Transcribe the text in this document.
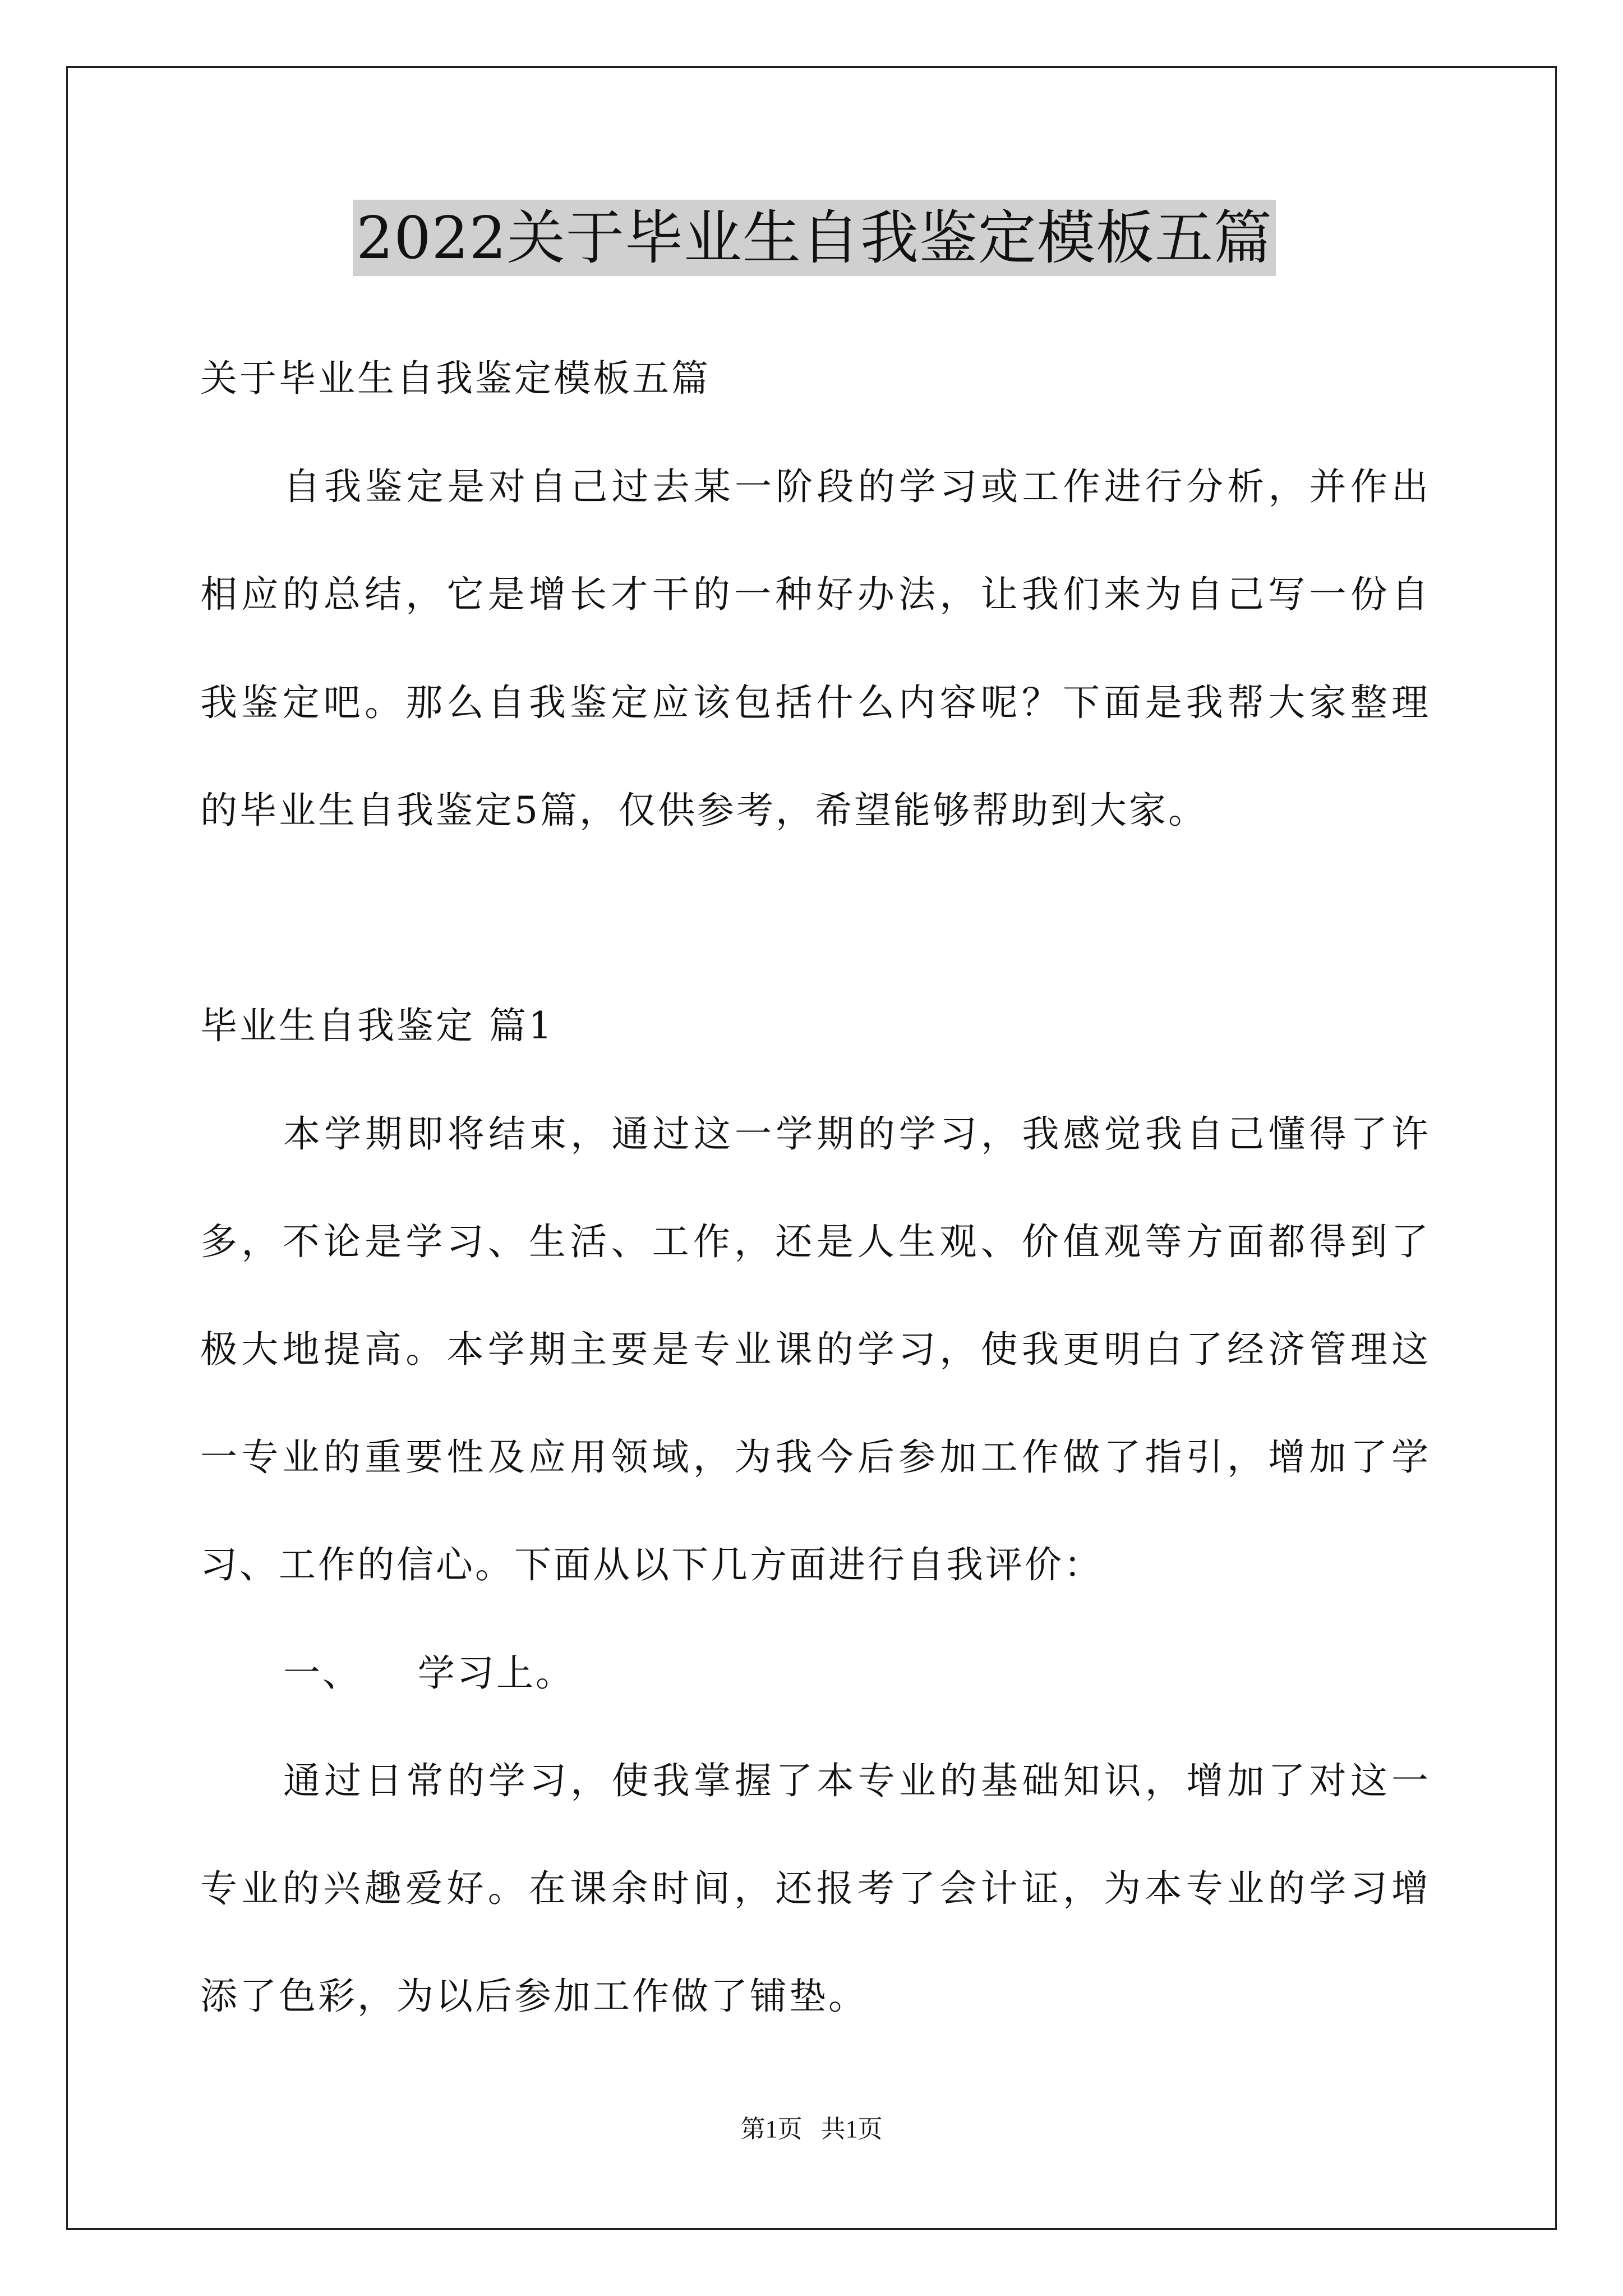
2022关于毕业生自我鉴定模板五篇
关于毕业生自我鉴定模板五篇
自我鉴定是对自己过去某一阶段的学习或工作进行分析，并作出
相应的总结，它是增长才干的一种好办法，让我们来为自己写一份自
我鉴定吧。那么自我鉴定应该包括什么内容呢？下面是我帮大家整理
的毕业生自我鉴定5篇，仅供参考，希望能够帮助到大家。
毕业生自我鉴定 篇1
本学期即将结束，通过这一学期的学习，我感觉我自己懂得了许
多，不论是学习、生活、工作，还是人生观、价值观等方面都得到了
极大地提高。本学期主要是专业课的学习，使我更明白了经济管理这
一专业的重要性及应用领域，为我今后参加工作做了指引，增加了学
习、工作的信心。下面从以下几方面进行自我评价：
一、    学习上。
通过日常的学习，使我掌握了本专业的基础知识，增加了对这一
专业的兴趣爱好。在课余时间，还报考了会计证，为本专业的学习增
添了色彩，为以后参加工作做了铺垫。
第1页   共1页
